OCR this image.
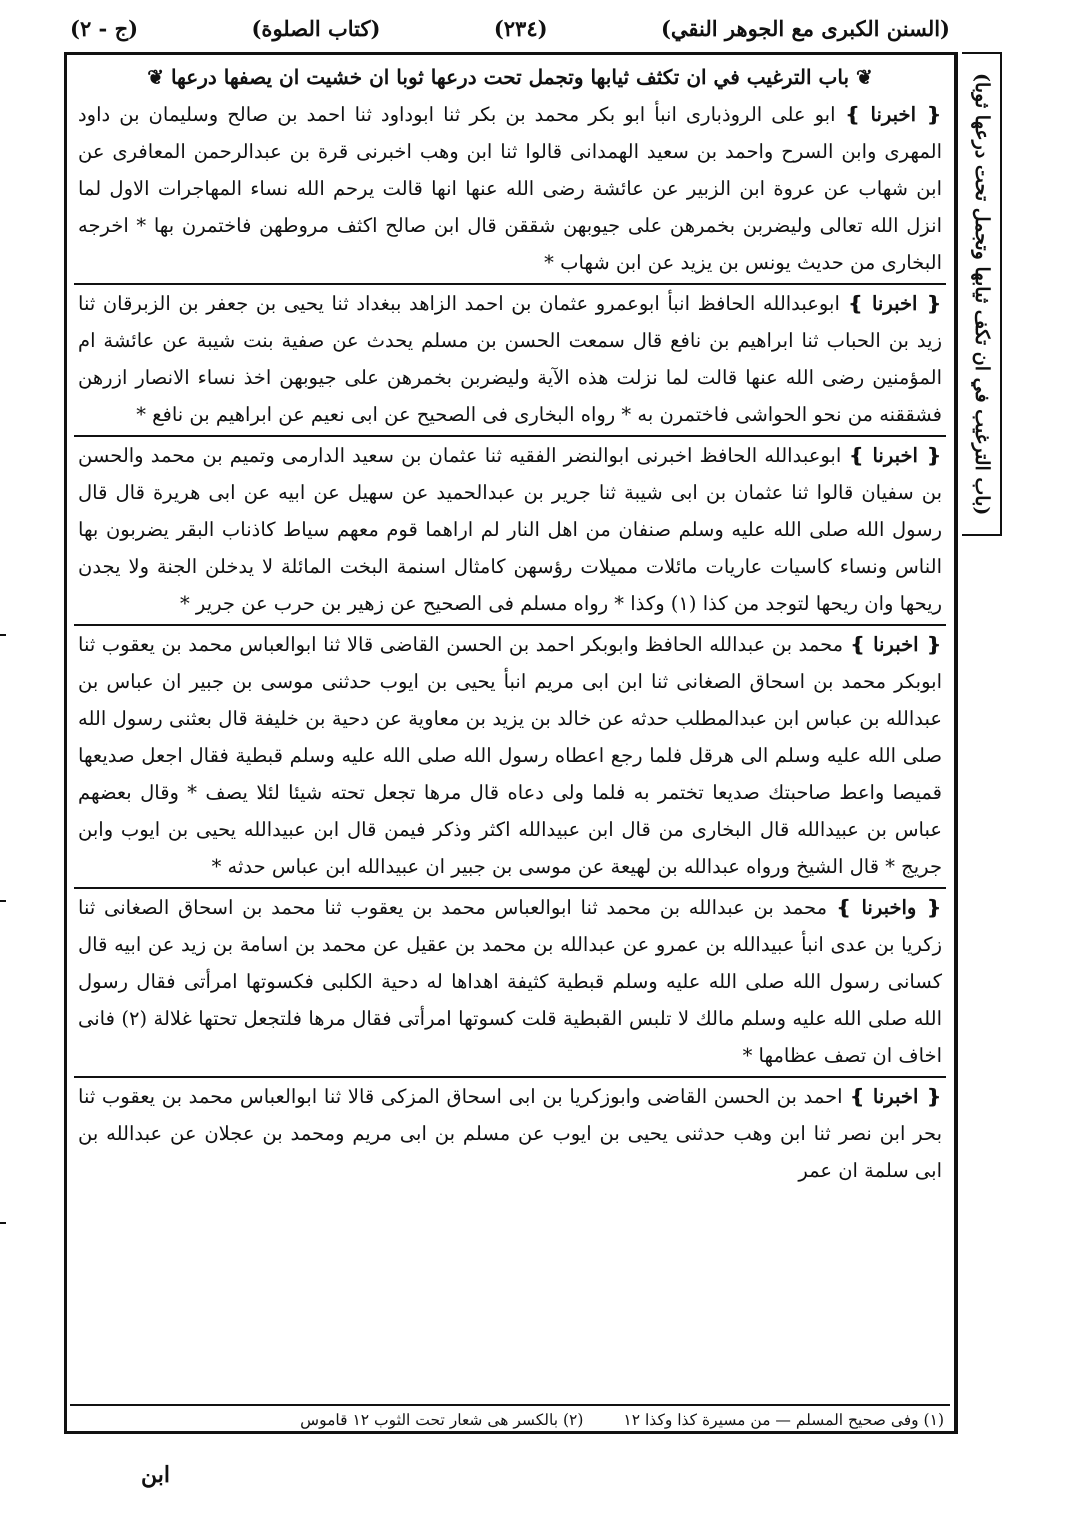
(السنن الكبرى مع الجوهر النقي)
(٢٣٤)
(كتاب الصلوة)
(ج - ٢)
(باب الترغيب في ان تكف ثيابها وتجمل تحت درعها ثوبا)
❦ باب الترغيب في ان تكثف ثيابها وتجمل تحت درعها ثوبا ان خشيت ان يصفها درعها ❦

❴ اخبرنا ❵ ابو على الروذبارى انبأ ابو بكر محمد بن بكر ثنا ابوداود ثنا احمد بن صالح وسليمان بن داود المهرى وابن السرح واحمد بن سعيد الهمدانى قالوا ثنا ابن وهب اخبرنى قرة بن عبدالرحمن المعافرى عن ابن شهاب عن عروة ابن الزبير عن عائشة رضى الله عنها انها قالت يرحم الله نساء المهاجرات الاول لما انزل الله تعالى وليضربن بخمرهن على جيوبهن شققن قال ابن صالح اكثف مروطهن فاختمرن بها * اخرجه البخارى من حديث يونس بن يزيد عن ابن شهاب *

❴ اخبرنا ❵ ابوعبدالله الحافظ انبأ ابوعمرو عثمان بن احمد الزاهد ببغداد ثنا يحيى بن جعفر بن الزبرقان ثنا زيد بن الحباب ثنا ابراهيم بن نافع قال سمعت الحسن بن مسلم يحدث عن صفية بنت شيبة عن عائشة ام المؤمنين رضى الله عنها قالت لما نزلت هذه الآية وليضربن بخمرهن على جيوبهن اخذ نساء الانصار ازرهن فشققنه من نحو الحواشى فاختمرن به * رواه البخارى فى الصحيح عن ابى نعيم عن ابراهيم بن نافع *

❴ اخبرنا ❵ ابوعبدالله الحافظ اخبرنى ابوالنضر الفقيه ثنا عثمان بن سعيد الدارمى وتميم بن محمد والحسن بن سفيان قالوا ثنا عثمان بن ابى شيبة ثنا جرير بن عبدالحميد عن سهيل عن ابيه عن ابى هريرة قال قال رسول الله صلى الله عليه وسلم صنفان من اهل النار لم اراهما قوم معهم سياط كاذناب البقر يضربون بها الناس ونساء كاسيات عاريات مائلات مميلات رؤسهن كامثال اسنمة البخت المائلة لا يدخلن الجنة ولا يجدن ريحها وان ريحها لتوجد من كذا (١) وكذا * رواه مسلم فى الصحيح عن زهير بن حرب عن جرير *

❴ اخبرنا ❵ محمد بن عبدالله الحافظ وابوبكر احمد بن الحسن القاضى قالا ثنا ابوالعباس محمد بن يعقوب ثنا ابوبكر محمد بن اسحاق الصغانى ثنا ابن ابى مريم انبأ يحيى بن ايوب حدثنى موسى بن جبير ان عباس بن عبدالله بن عباس ابن عبدالمطلب حدثه عن خالد بن يزيد بن معاوية عن دحية بن خليفة قال بعثنى رسول الله صلى الله عليه وسلم الى هرقل فلما رجع اعطاه رسول الله صلى الله عليه وسلم قبطية فقال اجعل صديعها قميصا واعط صاحبتك صديعا تختمر به فلما ولى دعاه قال مرها تجعل تحته شيئا لئلا يصف * وقال بعضهم عباس بن عبيدالله قال البخارى من قال ابن عبيدالله اكثر وذكر فيمن قال ابن عبيدالله يحيى بن ايوب وابن جريج * قال الشيخ ورواه عبدالله بن لهيعة عن موسى بن جبير ان عبيدالله ابن عباس حدثه *

❴ واخبرنا ❵ محمد بن عبدالله بن محمد ثنا ابوالعباس محمد بن يعقوب ثنا محمد بن اسحاق الصغانى ثنا زكريا بن عدى انبأ عبيدالله بن عمرو عن عبدالله بن محمد بن عقيل عن محمد بن اسامة بن زيد عن ابيه قال كسانى رسول الله صلى الله عليه وسلم قبطية كثيفة اهداها له دحية الكلبى فكسوتها امرأتى فقال رسول الله صلى الله عليه وسلم مالك لا تلبس القبطية قلت كسوتها امرأتى فقال مرها فلتجعل تحتها غلالة (٢) فانى اخاف ان تصف عظامها *

❴ اخبرنا ❵ احمد بن الحسن القاضى وابوزكريا بن ابى اسحاق المزكى قالا ثنا ابوالعباس محمد بن يعقوب ثنا بحر ابن نصر ثنا ابن وهب حدثنى يحيى بن ايوب عن مسلم بن ابى مريم ومحمد بن عجلان عن عبدالله بن ابى سلمة ان عمر

(١) وفى صحيح المسلم — من مسيرة كذا وكذا ١٢
(٢) بالكسر هى شعار تحت الثوب ١٢ قاموس
ابن
